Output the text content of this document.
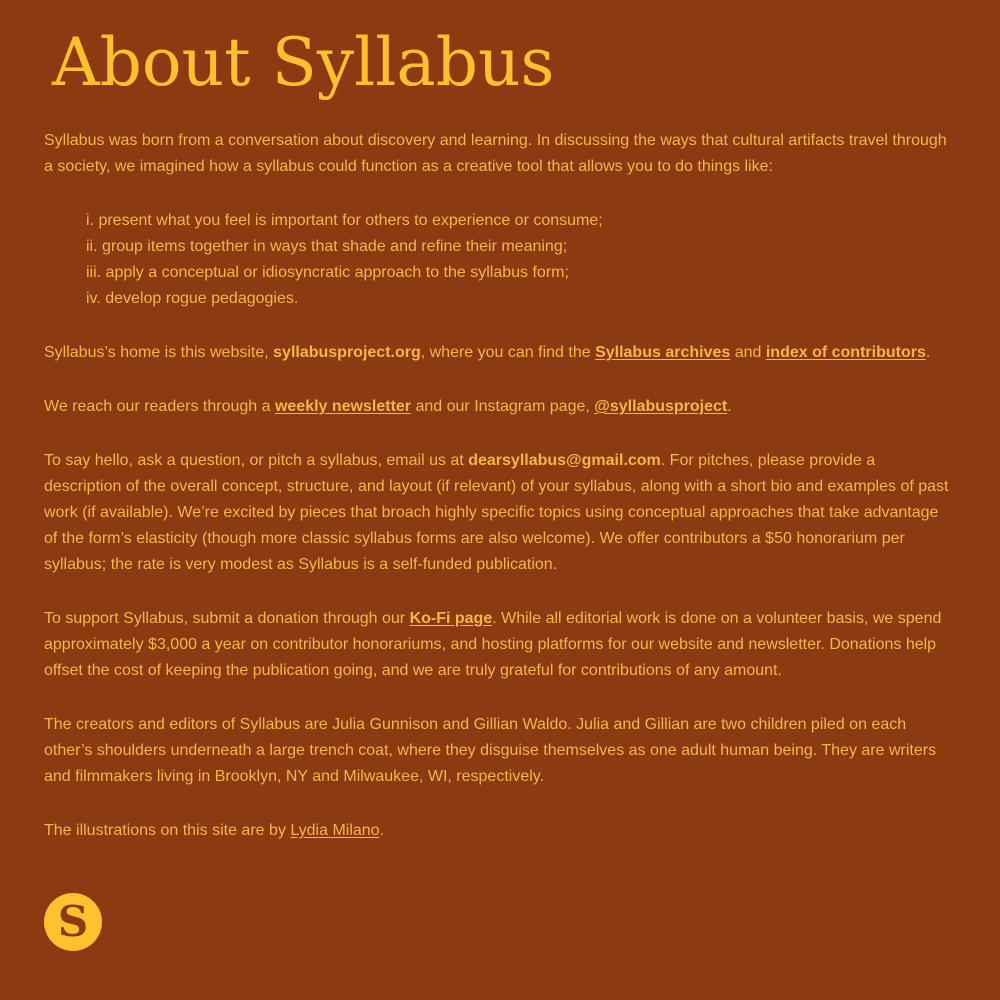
About Syllabus

Syllabus was born from a conversation about discovery and learning. In discussing the ways that cultural artifacts travel through a society, we imagined how a syllabus could function as a creative tool that allows you to do things like:

i. present what you feel is important for others to experience or consume;
ii. group items together in ways that shade and refine their meaning;
iii. apply a conceptual or idiosyncratic approach to the syllabus form;
iv. develop rogue pedagogies.

Syllabus’s home is this website, syllabusproject.org, where you can find the Syllabus archives and index of contributors.

We reach our readers through a weekly newsletter and our Instagram page, @syllabusproject.

To say hello, ask a question, or pitch a syllabus, email us at dearsyllabus@gmail.com. For pitches, please provide a description of the overall concept, structure, and layout (if relevant) of your syllabus, along with a short bio and examples of past work (if available). We’re excited by pieces that broach highly specific topics using conceptual approaches that take advantage of the form’s elasticity (though more classic syllabus forms are also welcome). We offer contributors a $50 honorarium per syllabus; the rate is very modest as Syllabus is a self-funded publication.

To support Syllabus, submit a donation through our Ko-Fi page. While all editorial work is done on a volunteer basis, we spend approximately $3,000 a year on contributor honorariums, and hosting platforms for our website and newsletter. Donations help offset the cost of keeping the publication going, and we are truly grateful for contributions of any amount.

The creators and editors of Syllabus are Julia Gunnison and Gillian Waldo. Julia and Gillian are two children piled on each other’s shoulders underneath a large trench coat, where they disguise themselves as one adult human being. They are writers and filmmakers living in Brooklyn, NY and Milwaukee, WI, respectively.

The illustrations on this site are by Lydia Milano.

S
